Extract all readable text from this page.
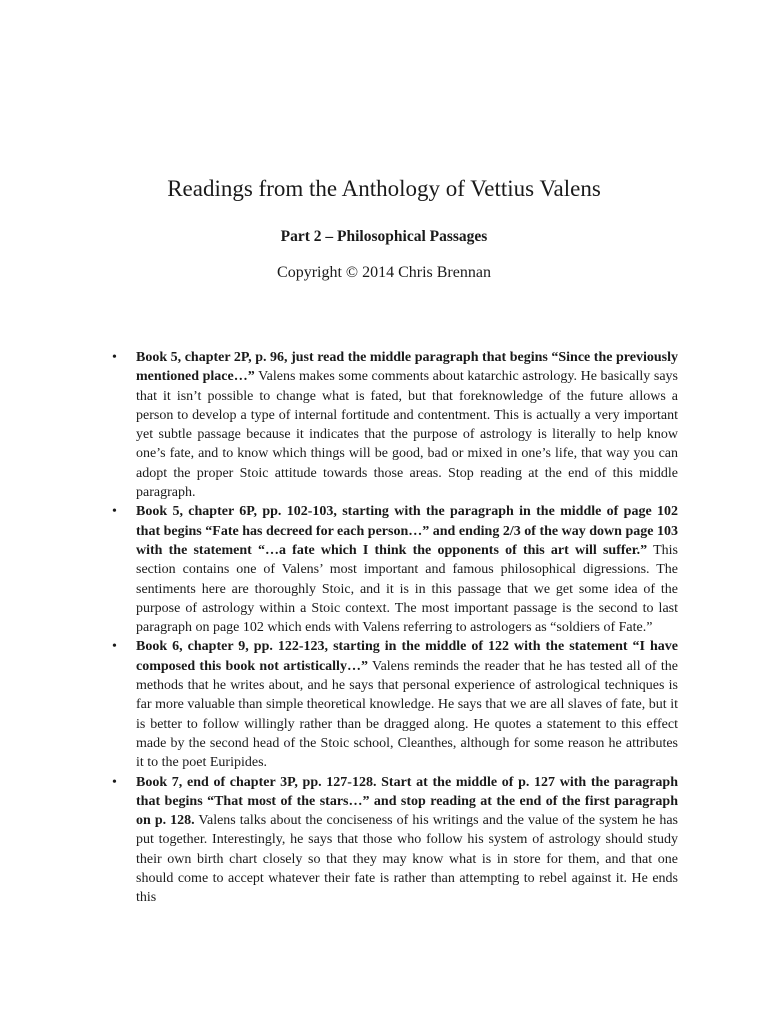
Readings from the Anthology of Vettius Valens
Part 2 – Philosophical Passages

Copyright © 2014 Chris Brennan

• Book 5, chapter 2P, p. 96, just read the middle paragraph that begins “Since the previously mentioned place…” Valens makes some comments about katarchic astrology. He basically says that it isn’t possible to change what is fated, but that foreknowledge of the future allows a person to develop a type of internal fortitude and contentment. This is actually a very important yet subtle passage because it indicates that the purpose of astrology is literally to help know one’s fate, and to know which things will be good, bad or mixed in one’s life, that way you can adopt the proper Stoic attitude towards those areas. Stop reading at the end of this middle paragraph.
• Book 5, chapter 6P, pp. 102-103, starting with the paragraph in the middle of page 102 that begins “Fate has decreed for each person…” and ending 2/3 of the way down page 103 with the statement “…a fate which I think the opponents of this art will suffer.” This section contains one of Valens’ most important and famous philosophical digressions. The sentiments here are thoroughly Stoic, and it is in this passage that we get some idea of the purpose of astrology within a Stoic context. The most important passage is the second to last paragraph on page 102 which ends with Valens referring to astrologers as “soldiers of Fate.”
• Book 6, chapter 9, pp. 122-123, starting in the middle of 122 with the statement “I have composed this book not artistically…” Valens reminds the reader that he has tested all of the methods that he writes about, and he says that personal experience of astrological techniques is far more valuable than simple theoretical knowledge. He says that we are all slaves of fate, but it is better to follow willingly rather than be dragged along. He quotes a statement to this effect made by the second head of the Stoic school, Cleanthes, although for some reason he attributes it to the poet Euripides.
• Book 7, end of chapter 3P, pp. 127-128. Start at the middle of p. 127 with the paragraph that begins “That most of the stars…” and stop reading at the end of the first paragraph on p. 128. Valens talks about the conciseness of his writings and the value of the system he has put together. Interestingly, he says that those who follow his system of astrology should study their own birth chart closely so that they may know what is in store for them, and that one should come to accept whatever their fate is rather than attempting to rebel against it. He ends this
